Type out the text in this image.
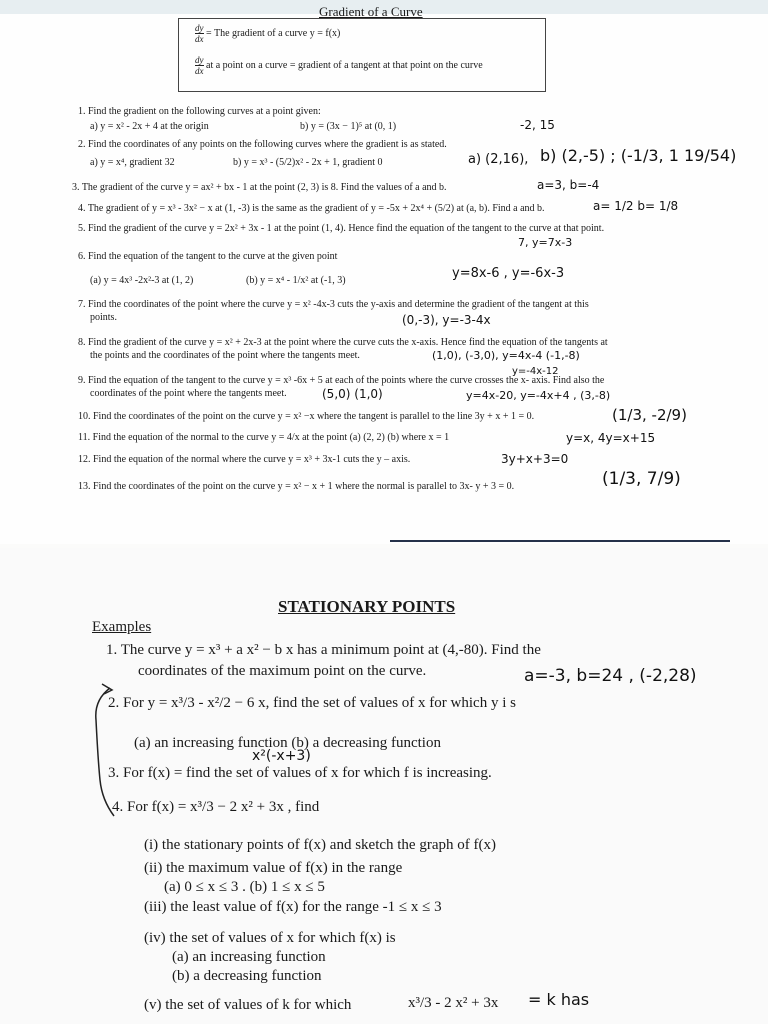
Gradient of a Curve
$\frac{dy}{dx}$ = The gradient of a curve y = f(x)
$\frac{dy}{dx}$ at a point on a curve = gradient of a tangent at that point on the curve
1. Find the gradient on the following curves at a point given:
a) y = x² - 2x + 4 at the origin	b) y = (3x − 1)⁵ at (0, 1)
2. Find the coordinates of any points on the following curves where the gradient is as stated.
a) y = x⁴, gradient 32	b) y = x³ - (5/2)x² - 2x + 1, gradient 0
3. The gradient of the curve y = ax² + bx - 1 at the point (2, 3) is 8. Find the values of a and b.
4. The gradient of y = x³ - 3x² − x at (1, -3) is the same as the gradient of y = -5x + 2x⁴ + (5/2) at (a, b). Find a and b.
5. Find the gradient of the curve y = 2x² + 3x - 1 at the point (1, 4). Hence find the equation of the tangent to the curve at that point.
6. Find the equation of the tangent to the curve at the given point
(a) y = 4x³ -2x²-3 at (1, 2)	(b) y = x⁴ - 1/x² at (-1, 3)
7. Find the coordinates of the point where the curve y = x² -4x-3 cuts the y-axis and determine the gradient of the tangent at this
points.
8. Find the gradient of the curve y = x² + 2x-3 at the point where the curve cuts the x-axis. Hence find the equation of the tangents at
the points and the coordinates of the point where the tangents meet.
9. Find the equation of the tangent to the curve y = x³ -6x + 5 at each of the points where the curve crosses the x- axis. Find also the
coordinates of the point where the tangents meet.
10. Find the coordinates of the point on the curve y = x² −x where the tangent is parallel to the line 3y + x + 1 = 0.
11. Find the equation of the normal to the curve y = 4/x at the point (a) (2, 2) (b) where x = 1
12. Find the equation of the normal where the curve y = x³ + 3x-1 cuts the y – axis.
13. Find the coordinates of the point on the curve y = x² − x + 1 where the normal is parallel to 3x- y + 3 = 0.
-2, 15
a) (2,16), b) (2,-5) ; (-1/3, 1 19/54)
a=3, b=-4
a= 1/2 b= 1/8
7, y=7x-3
y=8x-6 , y=-6x-3
(0,-3), y=-3-4x
(1,0), (-3,0), y=4x-4 (-1,-8)
y=-4x-12
(5,0) (1,0)	y=4x-20, y=-4x+4 , (3,-8)
(1/3, -2/9)
y=x, 4y=x+15
3y+x+3=0
(1/3, 7/9)
STATIONARY POINTS
Examples
1. The curve y = x³ + a x² − b x has a minimum point at (4,-80). Find the
coordinates of the maximum point on the curve.
2. For y = x³/3 - x²/2 − 6 x, find the set of values of x for which y i s
(a) an increasing function (b) a decreasing function
3. For f(x) = find the set of values of x for which f is increasing.
4. For f(x) = x³/3 − 2 x² + 3x , find
(i) the stationary points of f(x) and sketch the graph of f(x)
(ii) the maximum value of f(x) in the range
(a) 0 ≤ x ≤ 3 . (b) 1 ≤ x ≤ 5
(iii) the least value of f(x) for the range -1 ≤ x ≤ 3
(iv) the set of values of x for which f(x) is
(a) an increasing function
(b) a decreasing function
(v) the set of values of k for which	x³/3 - 2 x² + 3x
a=-3, b=24 , (-2,28)
x²(-x+3)
= k has
